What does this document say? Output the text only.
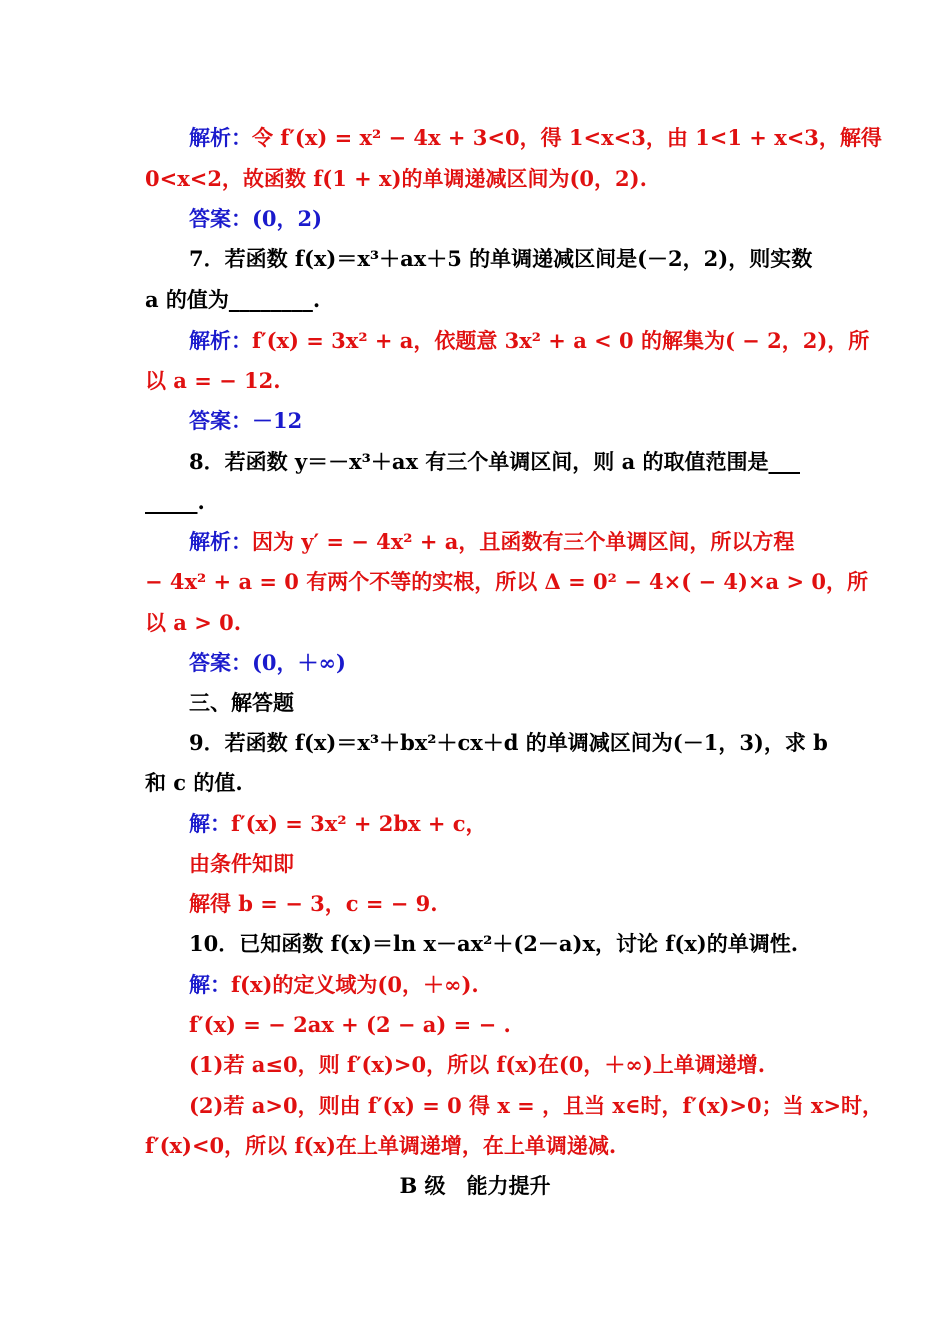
解析：令 f′(x) = x² − 4x + 3<0，得 1<x<3，由 1<1 + x<3，解得
0<x<2，故函数 f(1 + x)的单调递减区间为(0，2).
答案：(0，2)
7．若函数 f(x)＝x³＋ax＋5 的单调递减区间是(－2，2)，则实数
a 的值为________.
解析：f′(x) = 3x² + a，依题意 3x² + a < 0 的解集为( − 2，2)，所
以 a = − 12.
答案：－12
8．若函数 y＝－x³＋ax 有三个单调区间，则 a 的取值范围是___
_____.
解析：因为 y′ = − 4x² + a，且函数有三个单调区间，所以方程
− 4x² + a = 0 有两个不等的实根，所以 Δ = 0² − 4×( − 4)×a > 0，所
以 a > 0.
答案：(0，＋∞)
三、解答题
9．若函数 f(x)＝x³＋bx²＋cx＋d 的单调减区间为(－1，3)，求 b
和 c 的值.
解：f′(x) = 3x² + 2bx + c，
由条件知即
解得 b = − 3，c = − 9.
10．已知函数 f(x)＝ln x－ax²＋(2－a)x，讨论 f(x)的单调性.
解：f(x)的定义域为(0，＋∞).
f′(x) = − 2ax + (2 − a) = − .
(1)若 a≤0，则 f′(x)>0，所以 f(x)在(0，＋∞)上单调递增.
(2)若 a>0，则由 f′(x) = 0 得 x = ，且当 x∈时，f′(x)>0；当 x>时，
f′(x)<0，所以 f(x)在上单调递增，在上单调递减.
B 级　能力提升
